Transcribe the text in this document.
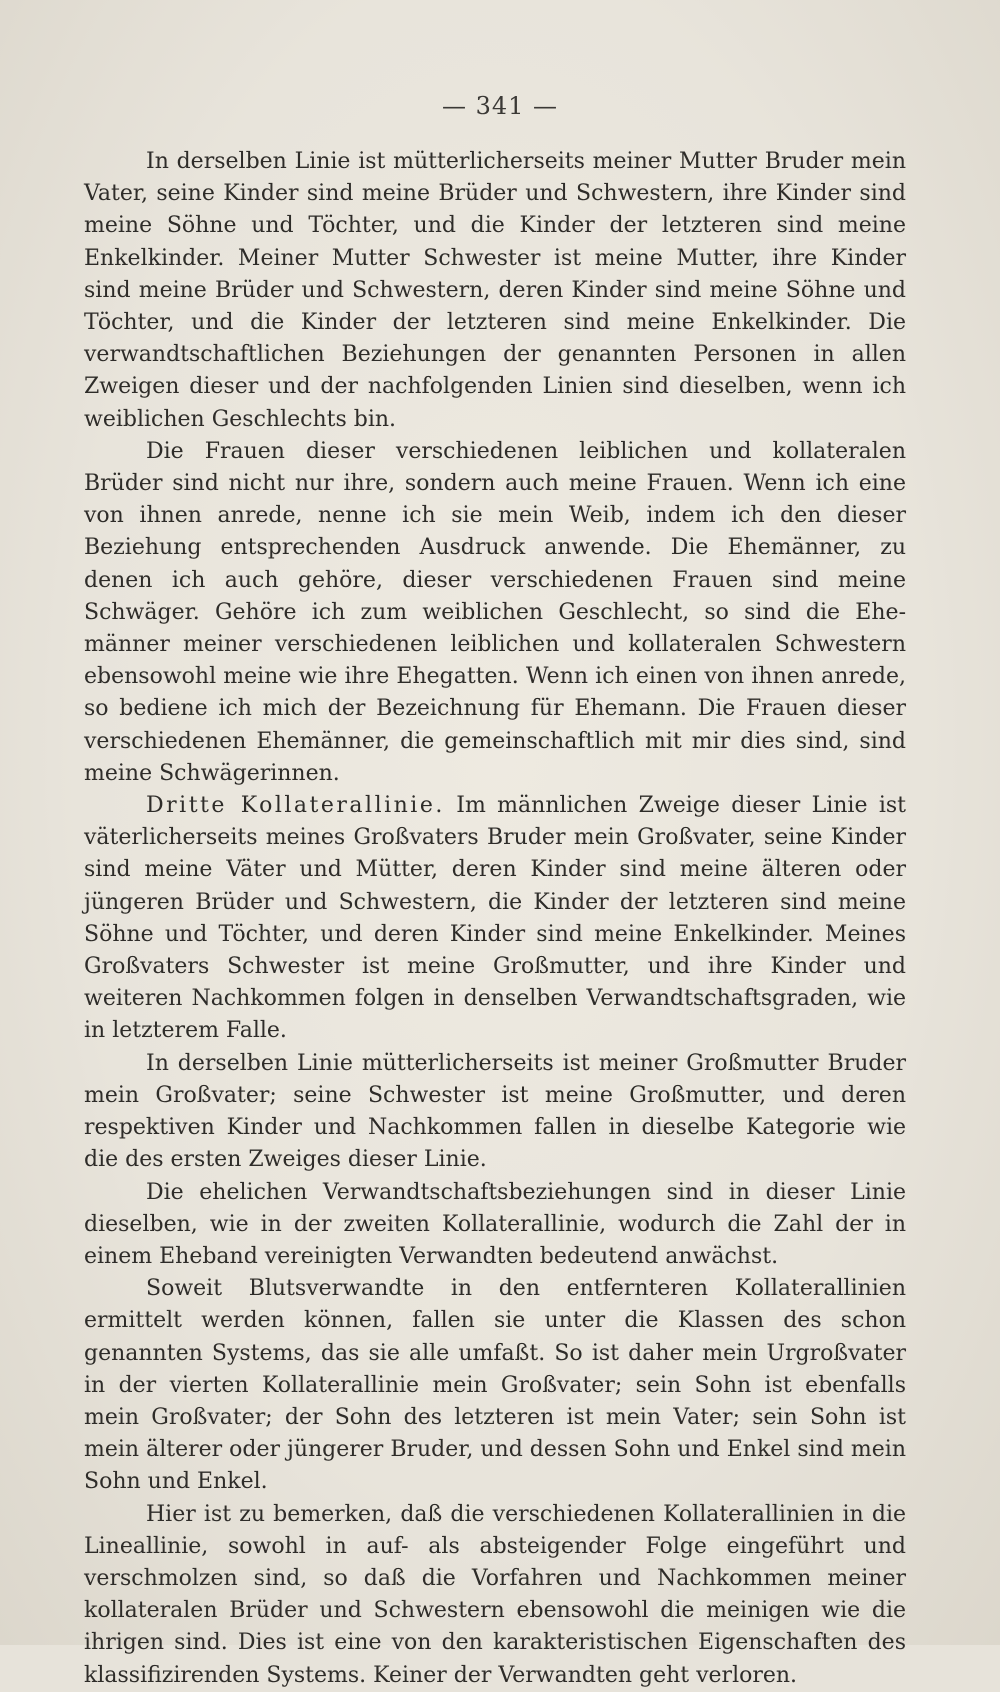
— 341 —

In derselben Linie ist mütterlicherseits meiner Mutter Bruder mein Vater, seine Kinder sind meine Brüder und Schwestern, ihre Kinder sind meine Söhne und Töchter, und die Kinder der letzteren sind meine Enkelkinder. Meiner Mutter Schwester ist meine Mutter, ihre Kinder sind meine Brüder und Schwestern, deren Kinder sind meine Söhne und Töchter, und die Kinder der letzteren sind meine Enkelkinder. Die verwandtschaftlichen Beziehungen der genannten Personen in allen Zweigen dieser und der nachfolgenden Linien sind dieselben, wenn ich weiblichen Geschlechts bin.

Die Frauen dieser verschiedenen leiblichen und kollateralen Brüder sind nicht nur ihre, sondern auch meine Frauen. Wenn ich eine von ihnen anrede, nenne ich sie mein Weib, indem ich den dieser Beziehung entsprechenden Ausdruck anwende. Die Ehemänner, zu denen ich auch gehöre, dieser verschiedenen Frauen sind meine Schwäger. Gehöre ich zum weiblichen Geschlecht, so sind die Ehemänner meiner verschiedenen leiblichen und kollateralen Schwestern ebensowohl meine wie ihre Ehegatten. Wenn ich einen von ihnen anrede, so bediene ich mich der Bezeichnung für Ehemann. Die Frauen dieser verschiedenen Ehemänner, die gemeinschaftlich mit mir dies sind, sind meine Schwägerinnen.

Dritte Kollaterallinie. Im männlichen Zweige dieser Linie ist väterlicherseits meines Großvaters Bruder mein Großvater, seine Kinder sind meine Väter und Mütter, deren Kinder sind meine älteren oder jüngeren Brüder und Schwestern, die Kinder der letzteren sind meine Söhne und Töchter, und deren Kinder sind meine Enkelkinder. Meines Großvaters Schwester ist meine Großmutter, und ihre Kinder und weiteren Nachkommen folgen in denselben Verwandtschaftsgraden, wie in letzterem Falle.

In derselben Linie mütterlicherseits ist meiner Großmutter Bruder mein Großvater; seine Schwester ist meine Großmutter, und deren respektiven Kinder und Nachkommen fallen in dieselbe Kategorie wie die des ersten Zweiges dieser Linie.

Die ehelichen Verwandtschaftsbeziehungen sind in dieser Linie dieselben, wie in der zweiten Kollaterallinie, wodurch die Zahl der in einem Eheband vereinigten Verwandten bedeutend anwächst.

Soweit Blutsverwandte in den entfernteren Kollaterallinien ermittelt werden können, fallen sie unter die Klassen des schon genannten Systems, das sie alle umfaßt. So ist daher mein Urgroßvater in der vierten Kollaterallinie mein Großvater; sein Sohn ist ebenfalls mein Großvater; der Sohn des letzteren ist mein Vater; sein Sohn ist mein älterer oder jüngerer Bruder, und dessen Sohn und Enkel sind mein Sohn und Enkel.

Hier ist zu bemerken, daß die verschiedenen Kollaterallinien in die Lineallinie, sowohl in auf- als absteigender Folge eingeführt und verschmolzen sind, so daß die Vorfahren und Nachkommen meiner kollateralen Brüder und Schwestern ebensowohl die meinigen wie die ihrigen sind. Dies ist eine von den karakteristischen Eigenschaften des klassifizirenden Systems. Keiner der Verwandten geht verloren.
